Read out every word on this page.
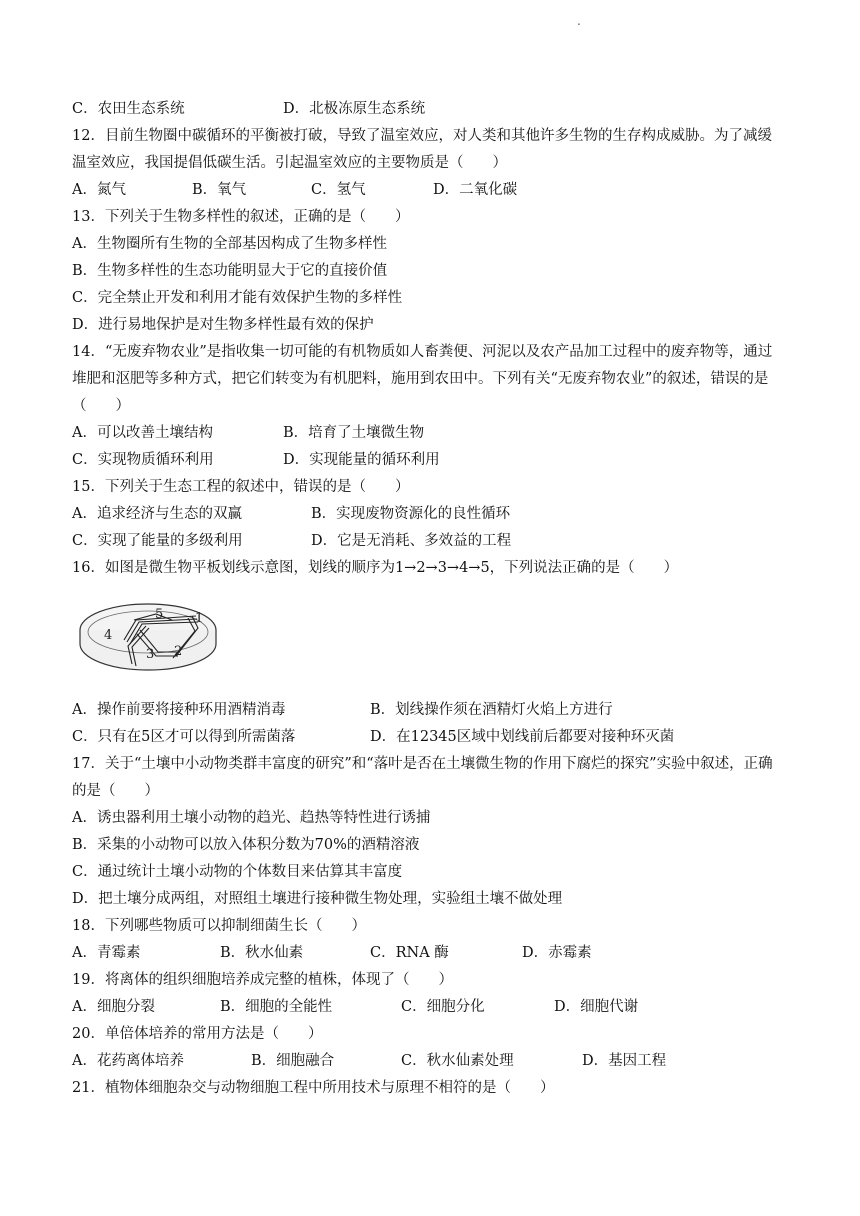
.
C．农田生态系统	D．北极冻原生态系统
12．目前生物圈中碳循环的平衡被打破，导致了温室效应，对人类和其他许多生物的生存构成威胁。为了减缓
温室效应，我国提倡低碳生活。引起温室效应的主要物质是（　　）
A．氮气	B．氧气	C．氢气	D．二氧化碳
13．下列关于生物多样性的叙述，正确的是（　　）
A．生物圈所有生物的全部基因构成了生物多样性
B．生物多样性的生态功能明显大于它的直接价值
C．完全禁止开发和利用才能有效保护生物的多样性
D．进行易地保护是对生物多样性最有效的保护
14．“无废弃物农业”是指收集一切可能的有机物质如人畜粪便、河泥以及农产品加工过程中的废弃物等，通过
堆肥和沤肥等多种方式，把它们转变为有机肥料，施用到农田中。下列有关“无废弃物农业”的叙述，错误的是
（　　）
A．可以改善土壤结构	B．培育了土壤微生物
C．实现物质循环利用	D．实现能量的循环利用
15．下列关于生态工程的叙述中，错误的是（　　）
A．追求经济与生态的双赢	B．实现废物资源化的良性循环
C．实现了能量的多级利用	D．它是无消耗、多效益的工程
16．如图是微生物平板划线示意图，划线的顺序为1→2→3→4→5，下列说法正确的是（　　）
1
2
3
4
5
A．操作前要将接种环用酒精消毒	B．划线操作须在酒精灯火焰上方进行
C．只有在5区才可以得到所需菌落	D．在12345区域中划线前后都要对接种环灭菌
17．关于“土壤中小动物类群丰富度的研究”和“落叶是否在土壤微生物的作用下腐烂的探究”实验中叙述，正确
的是（　　）
A．诱虫器利用土壤小动物的趋光、趋热等特性进行诱捕
B．采集的小动物可以放入体积分数为70%的酒精溶液
C．通过统计土壤小动物的个体数目来估算其丰富度
D．把土壤分成两组，对照组土壤进行接种微生物处理，实验组土壤不做处理
18．下列哪些物质可以抑制细菌生长（　　）
A．青霉素	B．秋水仙素	C．RNA 酶	D．赤霉素
19．将离体的组织细胞培养成完整的植株，体现了（　　）
A．细胞分裂	B．细胞的全能性	C．细胞分化	D．细胞代谢
20．单倍体培养的常用方法是（　　）
A．花药离体培养	B．细胞融合	C．秋水仙素处理	D．基因工程
21．植物体细胞杂交与动物细胞工程中所用技术与原理不相符的是（　　）
